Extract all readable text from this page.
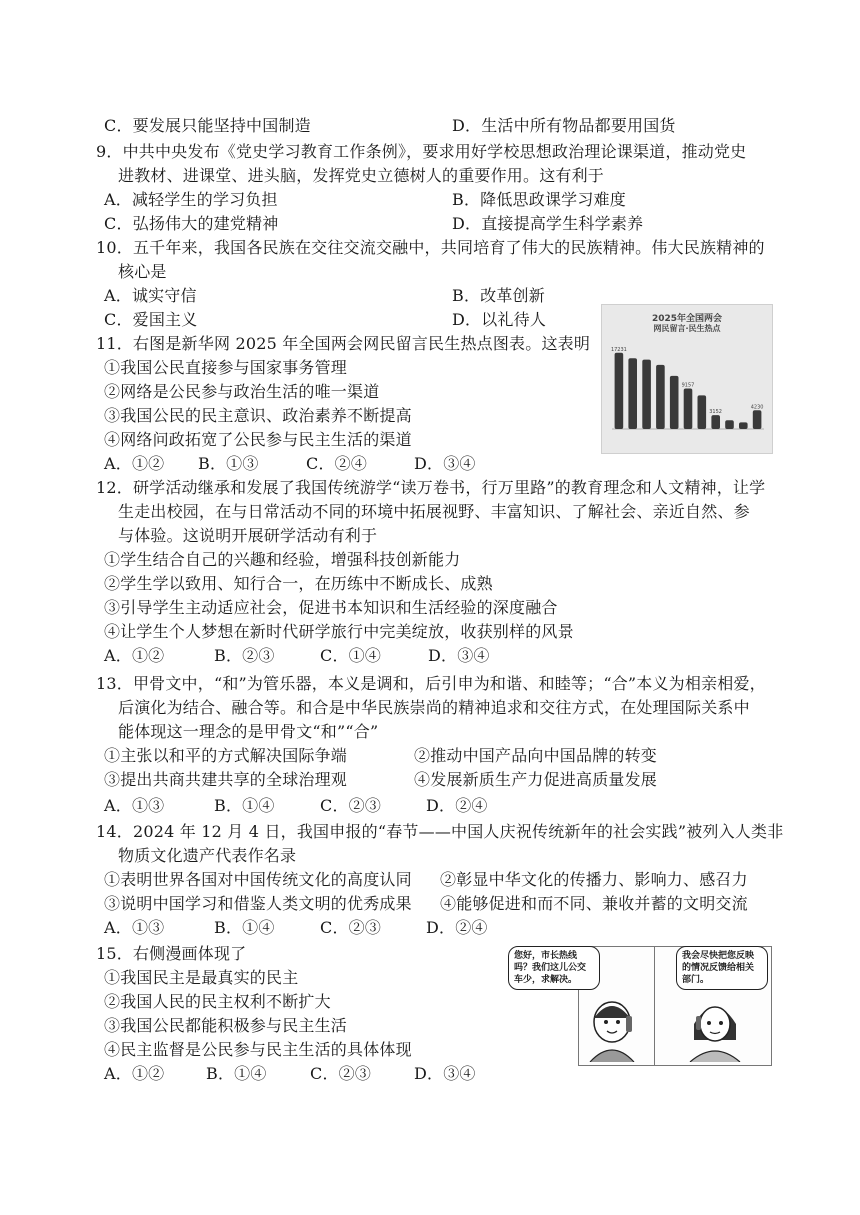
C．要发展只能坚持中国制造	D．生活中所有物品都要用国货
9．中共中央发布《党史学习教育工作条例》，要求用好学校思想政治理论课渠道，推动党史
进教材、进课堂、进头脑，发挥党史立德树人的重要作用。这有利于
A．减轻学生的学习负担	B．降低思政课学习难度
C．弘扬伟大的建党精神	D．直接提高学生科学素养
10．五千年来，我国各民族在交往交流交融中，共同培育了伟大的民族精神。伟大民族精神的
核心是
A．诚实守信	B．改革创新
C．爱国主义	D．以礼待人
11．右图是新华网 2025 年全国两会网民留言民生热点图表。这表明
①我国公民直接参与国家事务管理
②网络是公民参与政治生活的唯一渠道
③我国公民的民主意识、政治素养不断提高
④网络问政拓宽了公民参与民主生活的渠道
A．①② B．①③	C．②④	D．③④
2025年全国两会
网民留言·民生热点
17231
9157
3152
4230
12．研学活动继承和发展了我国传统游学“读万卷书，行万里路”的教育理念和人文精神，让学
生走出校园，在与日常活动不同的环境中拓展视野、丰富知识、了解社会、亲近自然、参
与体验。这说明开展研学活动有利于
①学生结合自己的兴趣和经验，增强科技创新能力
②学生学以致用、知行合一，在历练中不断成长、成熟
③引导学生主动适应社会，促进书本知识和生活经验的深度融合
④让学生个人梦想在新时代研学旅行中完美绽放，收获别样的风景
A．①②	B．②③	C．①④	D．③④
13．甲骨文中，“和”为管乐器，本义是调和，后引申为和谐、和睦等；“合”本义为相亲相爱，
后演化为结合、融合等。和合是中华民族崇尚的精神追求和交往方式，在处理国际关系中
能体现这一理念的是甲骨文“和”“合”
①主张以和平的方式解决国际争端	②推动中国产品向中国品牌的转变
③提出共商共建共享的全球治理观	④发展新质生产力促进高质量发展
A．①③	B．①④	C．②③	D．②④
14．2024 年 12 月 4 日，我国申报的“春节——中国人庆祝传统新年的社会实践”被列入人类非
物质文化遗产代表作名录
①表明世界各国对中国传统文化的高度认同 ②彰显中华文化的传播力、影响力、感召力
③说明中国学习和借鉴人类文明的优秀成果 ④能够促进和而不同、兼收并蓄的文明交流
A．①③	B．①④	C．②③	D．②④
15．右侧漫画体现了
①我国民主是最真实的民主
②我国人民的民主权利不断扩大
③我国公民都能积极参与民主生活
④民主监督是公民参与民主生活的具体体现
A．①②	B．①④	C．②③	D．③④
您好，市长热线吗？我们这儿公交车少，求解决。
我会尽快把您反映的情况反馈给相关部门。
